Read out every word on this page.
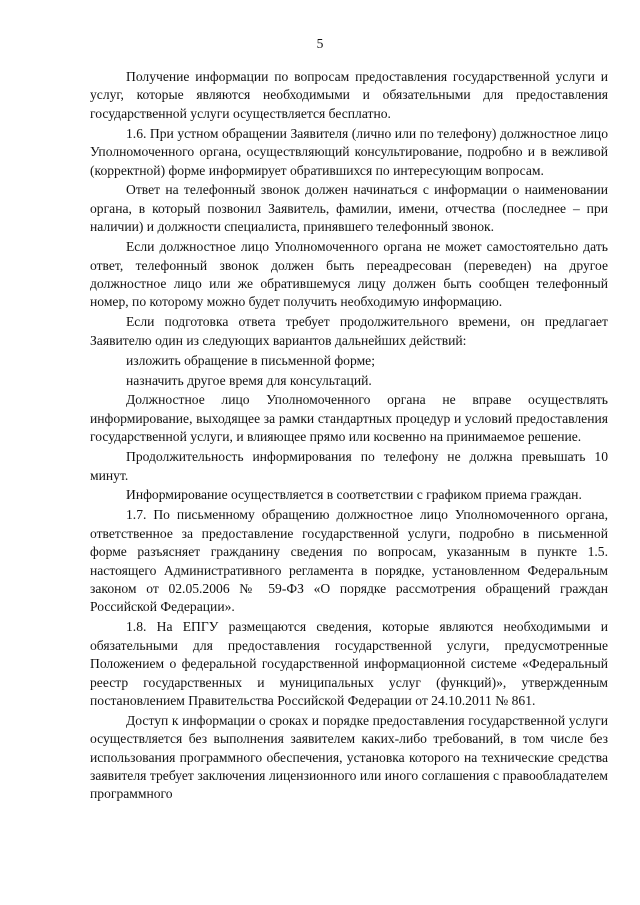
5

Получение информации по вопросам предоставления государственной услуги и услуг, которые являются необходимыми и обязательными для предоставления государственной услуги осуществляется бесплатно.

1.6. При устном обращении Заявителя (лично или по телефону) должностное лицо Уполномоченного органа, осуществляющий консультирование, подробно и в вежливой (корректной) форме информирует обратившихся по интересующим вопросам.

Ответ на телефонный звонок должен начинаться с информации о наименовании органа, в который позвонил Заявитель, фамилии, имени, отчества (последнее – при наличии) и должности специалиста, принявшего телефонный звонок.

Если должностное лицо Уполномоченного органа не может самостоятельно дать ответ, телефонный звонок должен быть переадресован (переведен) на другое должностное лицо или же обратившемуся лицу должен быть сообщен телефонный номер, по которому можно будет получить необходимую информацию.

Если подготовка ответа требует продолжительного времени, он предлагает Заявителю один из следующих вариантов дальнейших действий:

изложить обращение в письменной форме;

назначить другое время для консультаций.

Должностное лицо Уполномоченного органа не вправе осуществлять информирование, выходящее за рамки стандартных процедур и условий предоставления государственной услуги, и влияющее прямо или косвенно на принимаемое решение.

Продолжительность информирования по телефону не должна превышать 10 минут.

Информирование осуществляется в соответствии с графиком приема граждан.

1.7. По письменному обращению должностное лицо Уполномоченного органа, ответственное за предоставление государственной услуги, подробно в письменной форме разъясняет гражданину сведения по вопросам, указанным в пункте 1.5. настоящего Административного регламента в порядке, установленном Федеральным законом от 02.05.2006 № 59-ФЗ «О порядке рассмотрения обращений граждан Российской Федерации».

1.8. На ЕПГУ размещаются сведения, которые являются необходимыми и обязательными для предоставления государственной услуги, предусмотренные Положением о федеральной государственной информационной системе «Федеральный реестр государственных и муниципальных услуг (функций)», утвержденным постановлением Правительства Российской Федерации от 24.10.2011 № 861.

Доступ к информации о сроках и порядке предоставления государственной услуги осуществляется без выполнения заявителем каких-либо требований, в том числе без использования программного обеспечения, установка которого на технические средства заявителя требует заключения лицензионного или иного соглашения с правообладателем программного
